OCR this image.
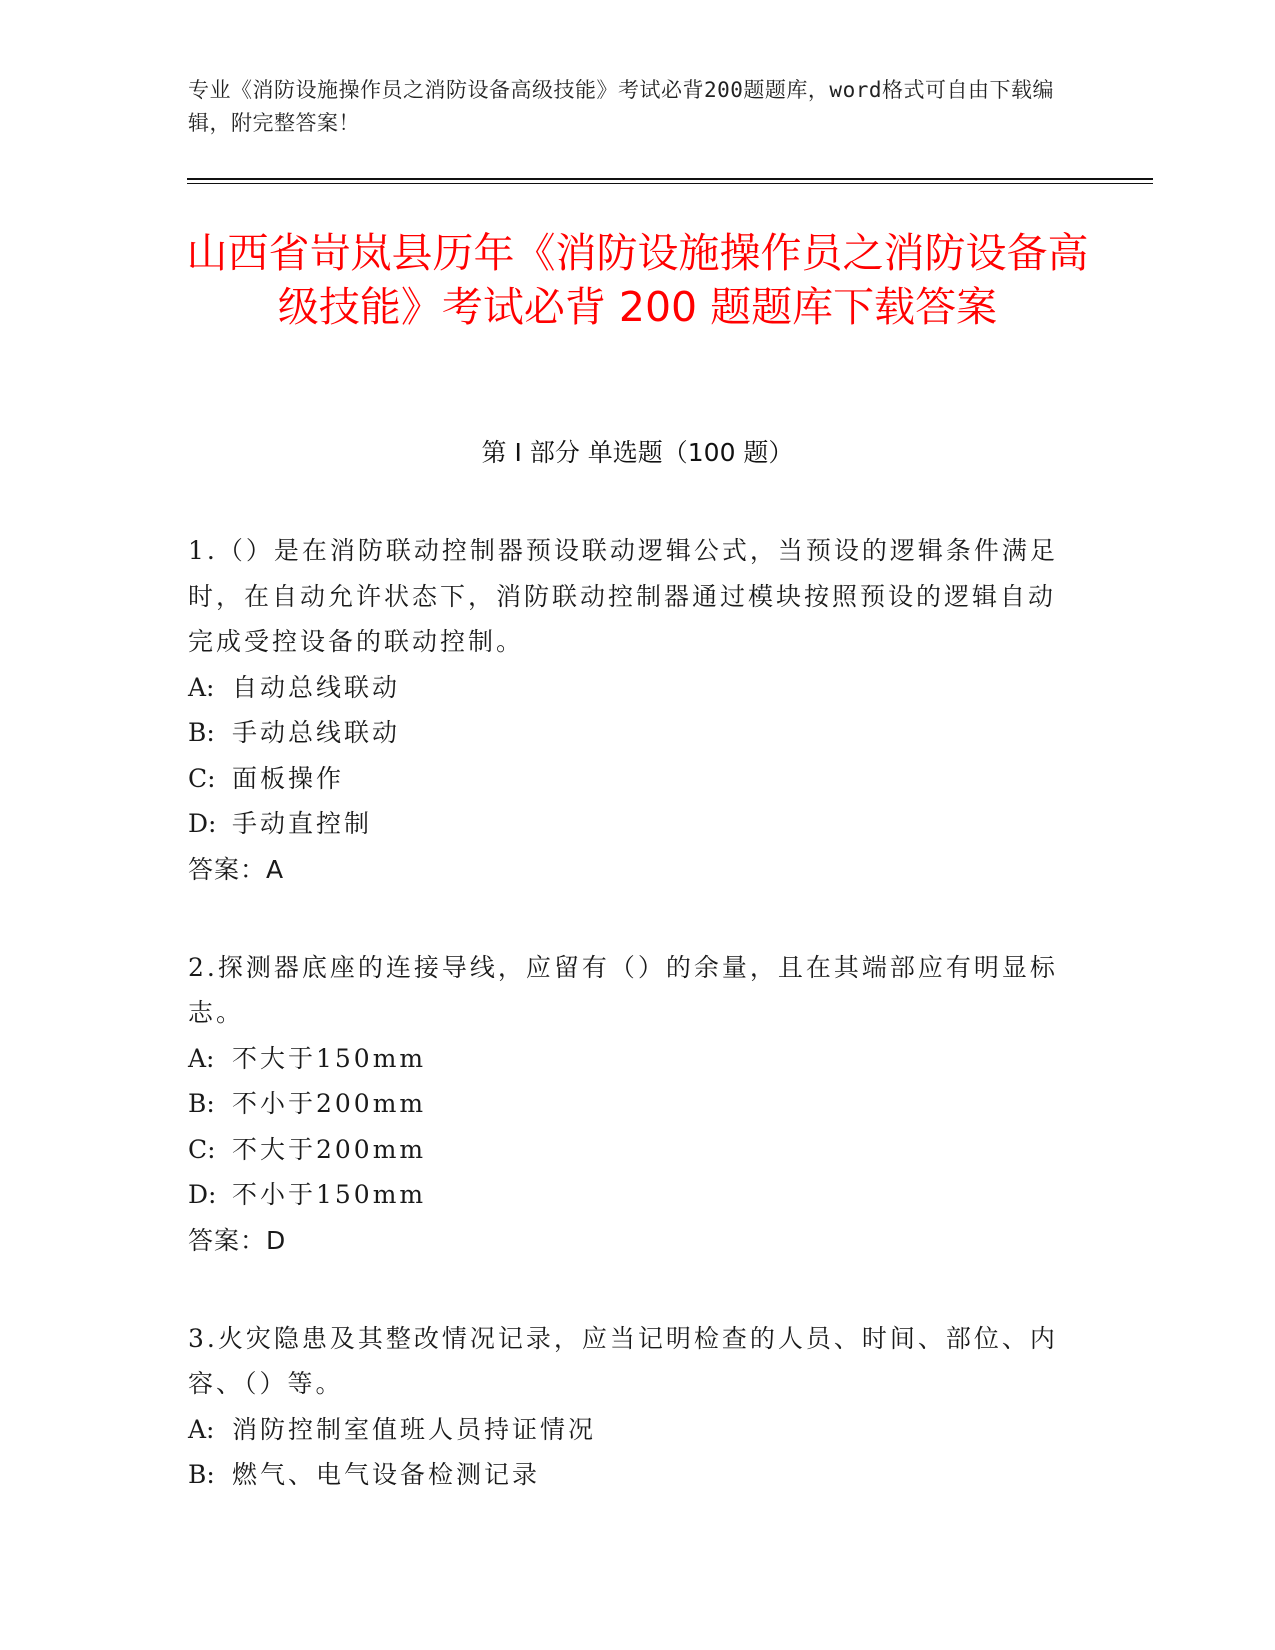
专业《消防设施操作员之消防设备高级技能》考试必背200题题库，word格式可自由下载编辑，附完整答案！
山西省岢岚县历年《消防设施操作员之消防设备高级技能》考试必背 200 题题库下载答案
第 I 部分 单选题（100 题）

1.（）是在消防联动控制器预设联动逻辑公式，当预设的逻辑条件满足时，在自动允许状态下，消防联动控制器通过模块按照预设的逻辑自动完成受控设备的联动控制。

A: 自动总线联动

B: 手动总线联动

C: 面板操作

D: 手动直控制

答案：A

2.探测器底座的连接导线，应留有（）的余量，且在其端部应有明显标志。

A: 不大于150mm

B: 不小于200mm

C: 不大于200mm

D: 不小于150mm

答案：D

3.火灾隐患及其整改情况记录，应当记明检查的人员、时间、部位、内容、（）等。

A: 消防控制室值班人员持证情况

B: 燃气、电气设备检测记录
